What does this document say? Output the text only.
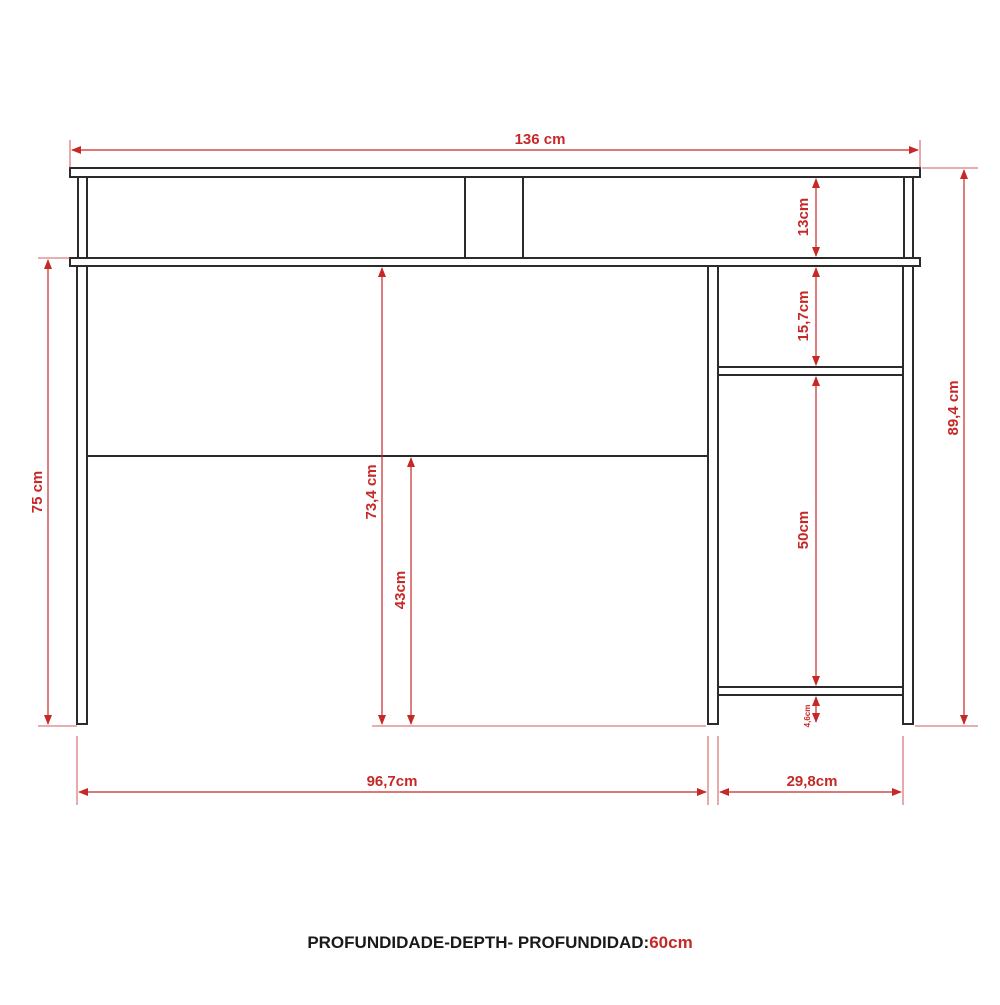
136 cm
13cm
15,7cm
50cm
4,6cm
89,4 cm
75 cm	73,4 cm
43cm
96,7cm	29,8cm
PROFUNDIDADE-DEPTH- PROFUNDIDAD:60cm
